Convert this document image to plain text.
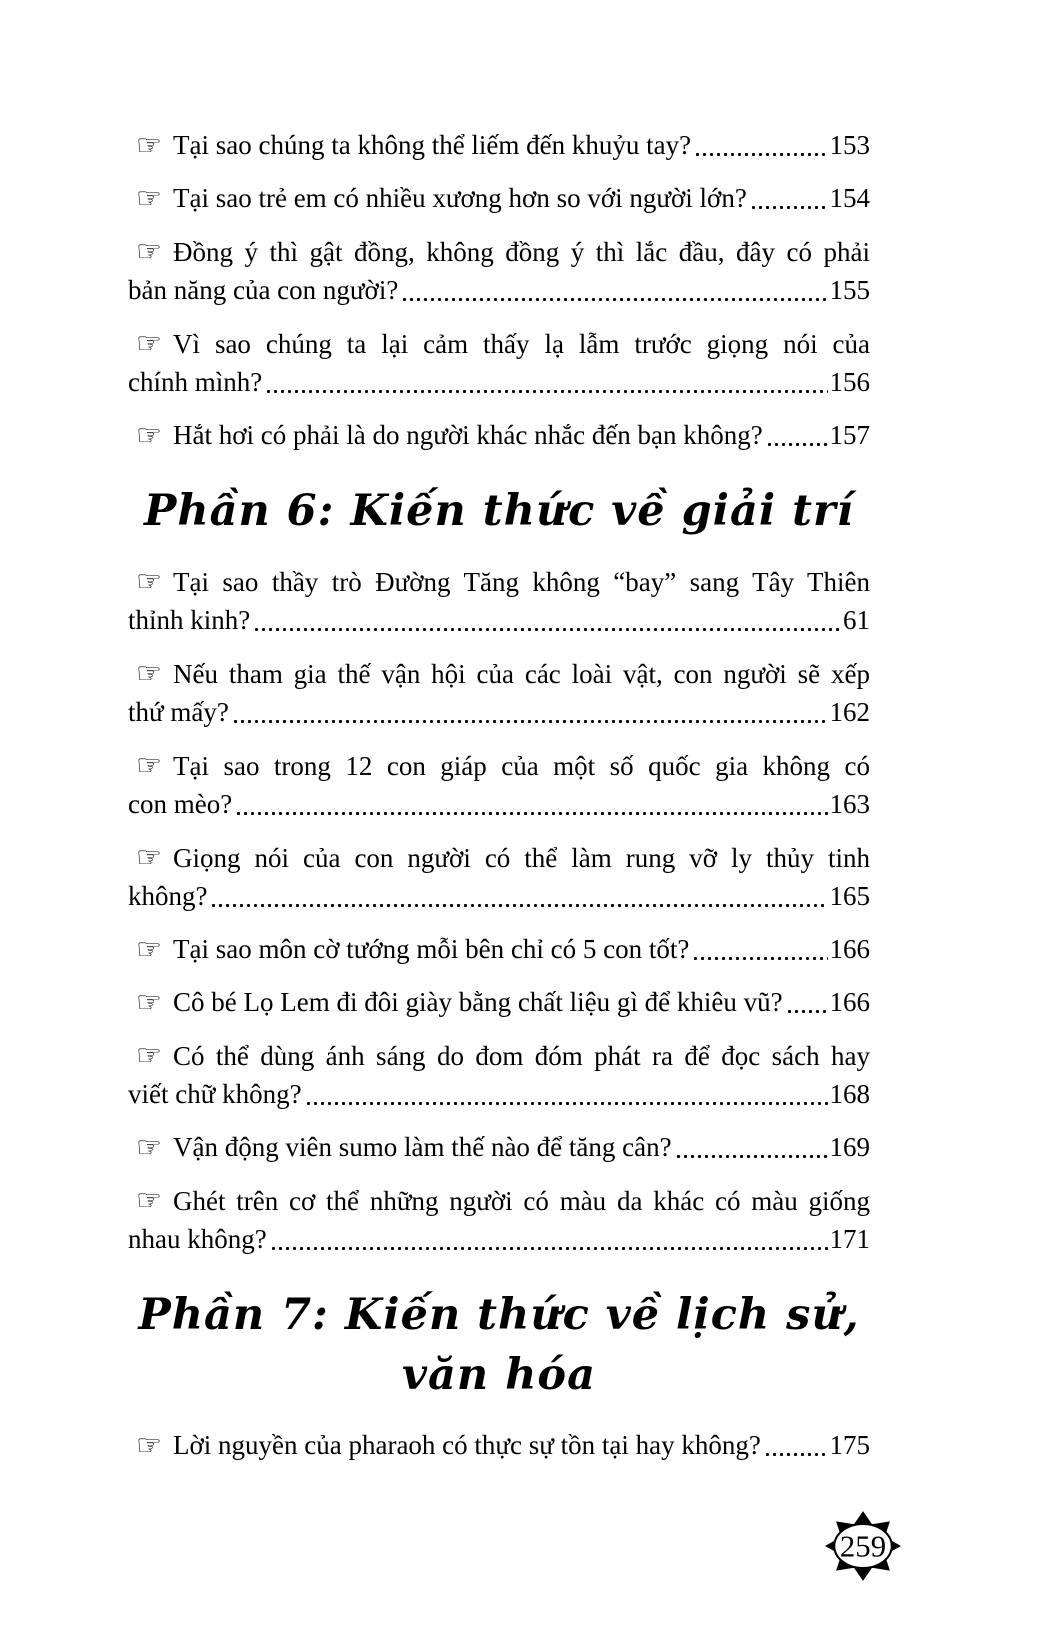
☞ Tại sao chúng ta không thể liếm đến khuỷu tay?	153
☞ Tại sao trẻ em có nhiều xương hơn so với người lớn?	154
☞ Đồng ý thì gật đồng, không đồng ý thì lắc đầu, đây có phải
bản năng của con người?	155
☞ Vì sao chúng ta lại cảm thấy lạ lẫm trước giọng nói của
chính mình?	156
☞ Hắt hơi có phải là do người khác nhắc đến bạn không? 157
Phần 6: Kiến thức về giải trí
☞ Tại sao thầy trò Đường Tăng không “bay” sang Tây Thiên
thỉnh kinh?	61
☞ Nếu tham gia thế vận hội của các loài vật, con người sẽ xếp
thứ mấy?	162
☞ Tại sao trong 12 con giáp của một số quốc gia không có
con mèo?	163
☞ Giọng nói của con người có thể làm rung vỡ ly thủy tinh
không?	165
☞ Tại sao môn cờ tướng mỗi bên chỉ có 5 con tốt?	166
☞ Cô bé Lọ Lem đi đôi giày bằng chất liệu gì để khiêu vũ? 166
☞ Có thể dùng ánh sáng do đom đóm phát ra để đọc sách hay
viết chữ không?	168
☞ Vận động viên sumo làm thế nào để tăng cân?	169
☞ Ghét trên cơ thể những người có màu da khác có màu giống
nhau không?	171
Phần 7: Kiến thức về lịch sử, văn hóa
☞ Lời nguyền của pharaoh có thực sự tồn tại hay không?	175
259
